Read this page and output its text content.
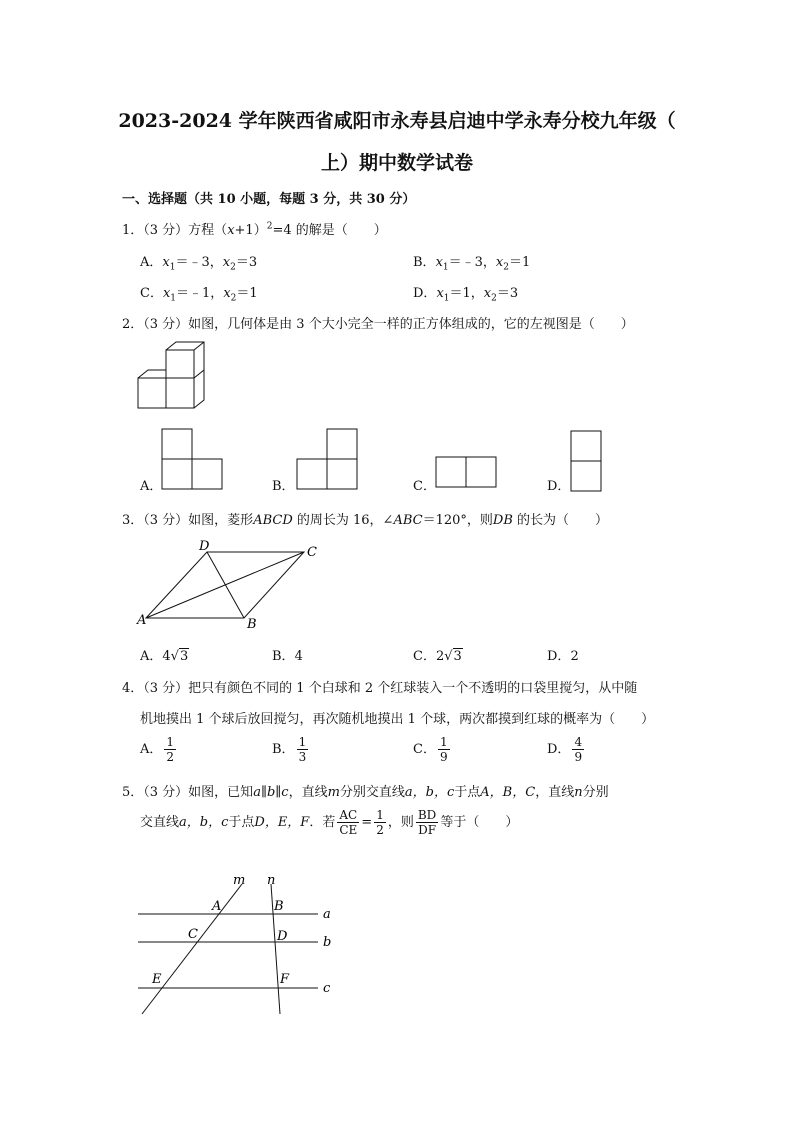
2023-2024 学年陕西省咸阳市永寿县启迪中学永寿分校九年级（
上）期中数学试卷
一、选择题（共 10 小题，每题 3 分，共 30 分）
1．（3 分）方程$(x+1)^2=4$ 的解是（　　）
A．$x_1=﹣3$，$x_2=3$	B．$x_1=﹣3$，$x_2=1$
C．$x_1=﹣1$，$x_2=1$	D．$x_1=1$，$x_2=3$
2．（3 分）如图，几何体是由 3 个大小完全一样的正方体组成的，它的左视图是（　　）
A．	B．	C．	D．
3．（3 分）如图，菱形ABCD 的周长为 16，∠ABC＝120°，则DB 的长为（　　）
D	C
A	B
A．4√3	B．4	C．2√3	D．2
4．（3 分）把只有颜色不同的 1 个白球和 2 个红球装入一个不透明的口袋里搅匀，从中随
机地摸出 1 个球后放回搅匀，再次随机地摸出 1 个球，两次都摸到红球的概率为（　　）
A． $\frac{1}{2}$	B． $\frac{1}{3}$	C． $\frac{1}{9}$	D． $\frac{4}{9}$
5．（3 分）如图，已知a∥b∥c，直线m分别交直线a，b，c于点A，B，C，直线n分别
交直线a，b，c于点D，E，F．若 $\frac{AC}{CE} = \frac{1}{2}$ ，则 $\frac{BD}{DF}$ 等于（　　）
m n
A	B
C	D
E	F
a
b
c
